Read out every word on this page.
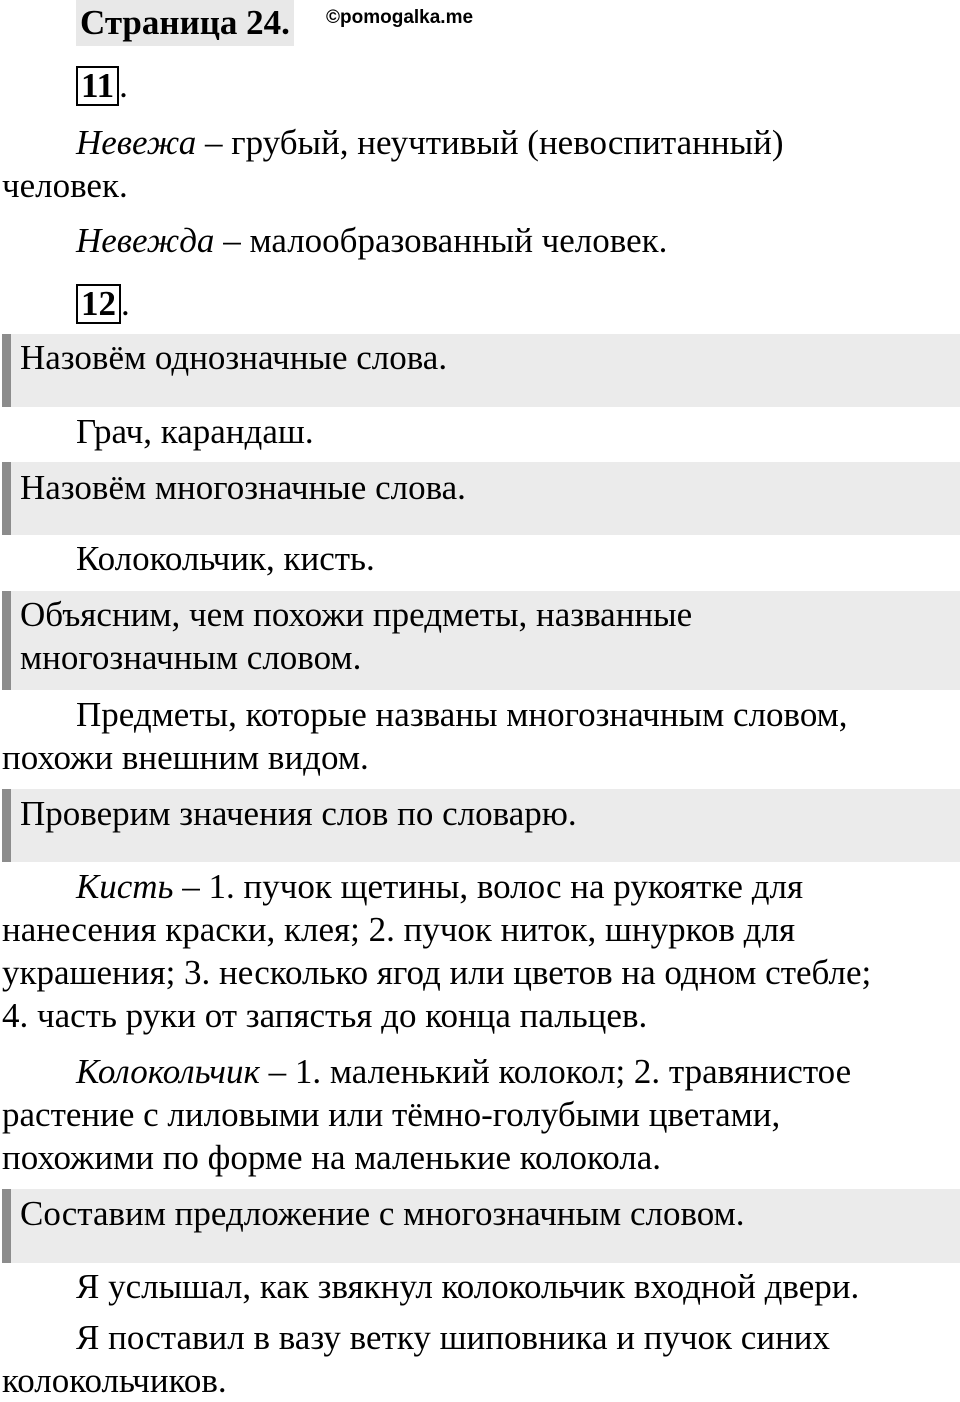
Страница 24. ©pomogalka.me
11 .
Невежа – грубый, неучтивый (невоспитанный)
человек.
Невежда – малообразованный человек.
12 .
Назовём однозначные слова.
Грач, карандаш.
Назовём многозначные слова.
Колокольчик, кисть.
Объясним, чем похожи предметы, названные
многозначным словом.
Предметы, которые названы многозначным словом,
похожи внешним видом.
Проверим значения слов по словарю.
Кисть – 1. пучок щетины, волос на рукоятке для
нанесения краски, клея; 2. пучок ниток, шнурков для
украшения; 3. несколько ягод или цветов на одном стебле;
4. часть руки от запястья до конца пальцев.
Колокольчик – 1. маленький колокол; 2. травянистое
растение с лиловыми или тёмно-голубыми цветами,
похожими по форме на маленькие колокола.
Составим предложение с многозначным словом.
Я услышал, как звякнул колокольчик входной двери.
Я поставил в вазу ветку шиповника и пучок синих
колокольчиков.
